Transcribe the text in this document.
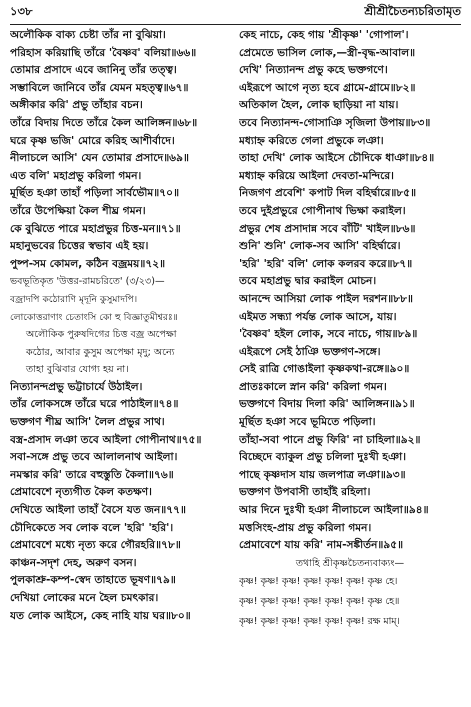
১৩৮	শ্রীশ্রীচৈতন্যচরিতামৃত
অলৌকিক বাক্য চেষ্টা তাঁর না বুঝিয়া।
পরিহাস করিয়াছি তাঁরে 'বৈষ্ণব' বলিয়া॥৬৬॥
তোমার প্রসাদে এবে জানিনু তাঁর তত্ত্ব।
সম্ভাবিলে জানিবে তাঁর যেমন মহত্ত্ব॥৬৭॥
অঙ্গীকার করি' প্রভু তাঁহার বচন।
তাঁরে বিদায় দিতে তাঁরে কৈল আলিঙ্গন॥৬৮॥
ঘরে কৃষ্ণ ভজি' মোরে করিহ আশীর্বাদে।
নীলাচলে আসি' যেন তোমার প্রসাদে॥৬৯॥
এত বলি' মহাপ্রভু করিলা গমন।
মূর্ছিত হঞা তাহাঁ পড়িলা সার্বভৌম॥৭০॥
তাঁরে উপেক্ষিয়া কৈল শীঘ্র গমন।
কে বুঝিতে পারে মহাপ্রভুর চিত্ত-মন॥৭১॥
মহানুভবের চিত্তের স্বভাব এই হয়।
পুষ্প-সম কোমল, কঠিন বজ্রময়॥৭২॥
ভবভূতিকৃত 'উত্তর-রামচরিতে' (৩/২৩)—
বজ্রাদপি কঠোরাণি মৃদূনি কুসুমাদপি।
লোকোত্তরাণাং চেতাংসি কো হু বিজ্ঞাতুমীশ্বরঃ॥
অলৌকিক পুরুষদিগের চিত্ত বজ্র অপেক্ষা
কঠোর, আবার কুসুম অপেক্ষা মৃদু; অন্যে
তাহা বুঝিবার যোগ্য হয় না।
নিত্যানন্দপ্রভু ভট্টাচার্যে উঠাইল।
তাঁর লোকসঙ্গে তাঁরে ঘরে পাঠাইল॥৭৪॥
ভক্তগণ শীঘ্র আসি' লৈল প্রভুর সাথ।
বস্ত্র-প্রসাদ লঞা তবে আইলা গোপীনাথ॥৭৫॥
সবা-সঙ্গে প্রভু তবে আলালনাথ আইলা।
নমস্কার করি' তারে বহুস্তুতি কৈলা॥৭৬॥
প্রেমাবেশে নৃত্যগীত কৈল কতক্ষণ।
দেখিতে আইলা তাহাঁ বৈসে যত জন॥৭৭॥
চৌদিকেতে সব লোক বলে 'হরি' 'হরি'।
প্রেমাবেশে মধ্যে নৃত্য করে গৌরহরি॥৭৮॥
কাঞ্চন-সদৃশ দেহ, অরুণ বসন।
পুলকাশ্রু-কম্প-স্বেদ তাহাতে ভূষণ॥৭৯॥
দেখিয়া লোকের মনে হৈল চমৎকার।
যত লোক আইসে, কেহ নাহি যায় ঘর॥৮০॥
কেহ নাচে, কেহ গায় 'শ্রীকৃষ্ণ' 'গোপাল'।
প্রেমেতে ভাসিল লোক,—স্ত্রী-বৃদ্ধ-আবাল॥
দেখি' নিত্যানন্দ প্রভু কহে ভক্তগণে।
এইরূপে আগে নৃত্য হবে গ্রামে-গ্রামে॥৮২॥
অতিকাল হৈল, লোক ছাড়িয়া না যায়।
তবে নিত্যানন্দ-গোসাঞি সৃজিলা উপায়॥৮৩॥
মধ্যাহ্ন করিতে গেলা প্রভুকে লঞা।
তাহা দেখি' লোক আইসে চৌদিকে ধাঞা॥৮৪॥
মধ্যাহ্ন করিয়ে আইলা দেবতা-মন্দিরে।
নিজগণ প্রবেশি' কপাট দিল বহির্দ্বারে॥৮৫॥
তবে দুইপ্রভুরে গোপীনাথ ভিক্ষা করাইল।
প্রভুর শেষ প্রসাদান্ন সবে বাঁটি' খাইল॥৮৬॥
শুনি' শুনি' লোক-সব আসি' বহির্দ্বারে।
'হরি' 'হরি' বলি' লোক কলরব করে॥৮৭॥
তবে মহাপ্রভু দ্বার করাইল মোচন।
আনন্দে আসিয়া লোক পাইল দরশন॥৮৮॥
এইমত সন্ধ্যা পর্যন্ত লোক আসে, যায়।
'বৈষ্ণব' হইল লোক, সবে নাচে, গায়॥৮৯॥
এইরূপে সেই ঠাঞি ভক্তগণ-সঙ্গে।
সেই রাত্রি গোঙাইলা কৃষ্ণকথা-রঙ্গে॥৯০॥
প্রাতঃকালে স্নান করি' করিলা গমন।
ভক্তগণে বিদায় দিলা করি' আলিঙ্গন॥৯১॥
মূর্ছিত হঞা সবে ভূমিতে পড়িলা।
তাঁহা-সবা পানে প্রভু ফিরি' না চাহিলা॥৯২॥
বিচ্ছেদে ব্যাকুল প্রভু চলিলা দুঃখী হঞা।
পাছে কৃষ্ণদাস যায় জলপাত্র লঞা॥৯৩॥
ভক্তগণ উপবাসী তাহাঁই রহিলা।
আর দিনে দুঃখী হঞা নীলাচলে আইলা॥৯৪॥
মত্তসিংহ-প্রায় প্রভু করিলা গমন।
প্রেমাবেশে যায় করি' নাম-সঙ্কীর্তন॥৯৫॥
তথাহি শ্রীকৃষ্ণচৈতন্যবাক্যং—
কৃষ্ণ! কৃষ্ণ! কৃষ্ণ! কৃষ্ণ! কৃষ্ণ! কৃষ্ণ! কৃষ্ণ হে।
কৃষ্ণ! কৃষ্ণ! কৃষ্ণ! কৃষ্ণ! কৃষ্ণ! কৃষ্ণ! কৃষ্ণ হে॥
কৃষ্ণ! কৃষ্ণ! কৃষ্ণ! কৃষ্ণ! কৃষ্ণ! কৃষ্ণ! রক্ষ মাম্।
